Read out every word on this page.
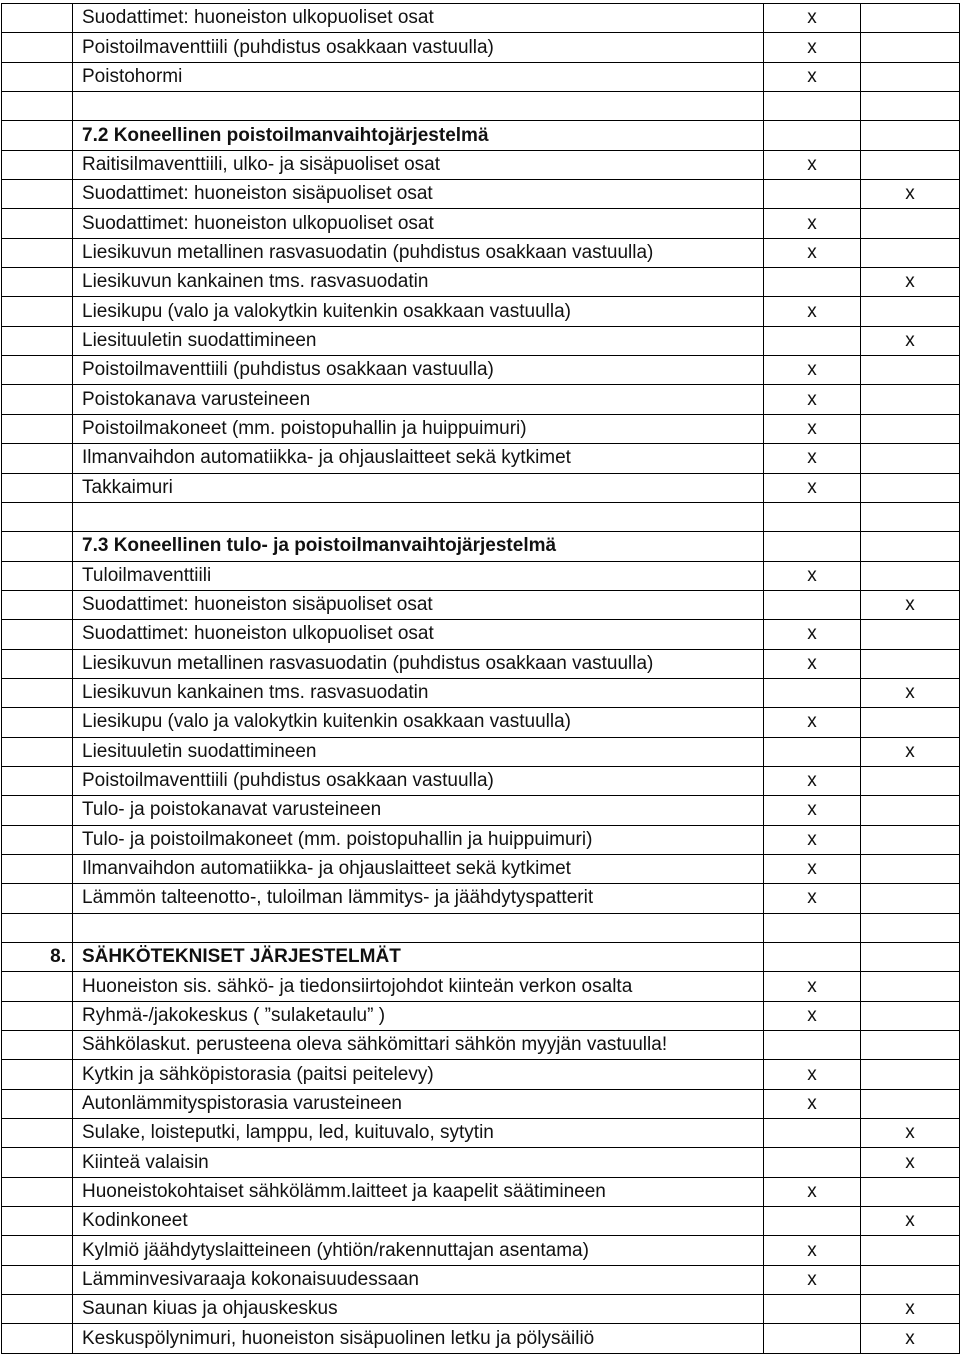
	Suodattimet: huoneiston ulkopuoliset osat	x	
	Poistoilmaventtiili (puhdistus osakkaan vastuulla)	x	
	Poistohormi	x	

	7.2 Koneellinen poistoilmanvaihtojärjestelmä		
	Raitisilmaventtiili, ulko- ja sisäpuoliset osat	x	
	Suodattimet: huoneiston sisäpuoliset osat		x
	Suodattimet: huoneiston ulkopuoliset osat	x	
	Liesikuvun metallinen rasvasuodatin (puhdistus osakkaan vastuulla)	x	
	Liesikuvun kankainen tms. rasvasuodatin		x
	Liesikupu (valo ja valokytkin kuitenkin osakkaan vastuulla)	x	
	Liesituuletin suodattimineen		x
	Poistoilmaventtiili (puhdistus osakkaan vastuulla)	x	
	Poistokanava varusteineen	x	
	Poistoilmakoneet (mm. poistopuhallin ja huippuimuri)	x	
	Ilmanvaihdon automatiikka- ja ohjauslaitteet sekä kytkimet	x	
	Takkaimuri	x	

	7.3 Koneellinen tulo- ja poistoilmanvaihtojärjestelmä		
	Tuloilmaventtiili	x	
	Suodattimet: huoneiston sisäpuoliset osat		x
	Suodattimet: huoneiston ulkopuoliset osat	x	
	Liesikuvun metallinen rasvasuodatin (puhdistus osakkaan vastuulla)	x	
	Liesikuvun kankainen tms. rasvasuodatin		x
	Liesikupu (valo ja valokytkin kuitenkin osakkaan vastuulla)	x	
	Liesituuletin suodattimineen		x
	Poistoilmaventtiili (puhdistus osakkaan vastuulla)	x	
	Tulo- ja poistokanavat varusteineen	x	
	Tulo- ja poistoilmakoneet (mm. poistopuhallin ja huippuimuri)	x	
	Ilmanvaihdon automatiikka- ja ohjauslaitteet sekä kytkimet	x	
	Lämmön talteenotto-, tuloilman lämmitys- ja jäähdytyspatterit	x	

8.	SÄHKÖTEKNISET JÄRJESTELMÄT		
	Huoneiston sis. sähkö- ja tiedonsiirtojohdot kiinteän verkon osalta	x	
	Ryhmä-/jakokeskus ( ”sulaketaulu” )	x	
	Sähkölaskut. perusteena oleva sähkömittari sähkön myyjän vastuulla!		
	Kytkin ja sähköpistorasia (paitsi peitelevy)	x	
	Autonlämmityspistorasia varusteineen	x	
	Sulake, loisteputki, lamppu, led, kuituvalo, sytytin		x
	Kiinteä valaisin		x
	Huoneistokohtaiset sähkölämm.laitteet ja kaapelit säätimineen	x	
	Kodinkoneet		x
	Kylmiö jäähdytyslaitteineen (yhtiön/rakennuttajan asentama)	x	
	Lämminvesivaraaja kokonaisuudessaan	x	
	Saunan kiuas ja ohjauskeskus		x
	Keskuspölynimuri, huoneiston sisäpuolinen letku ja pölysäiliö		x
